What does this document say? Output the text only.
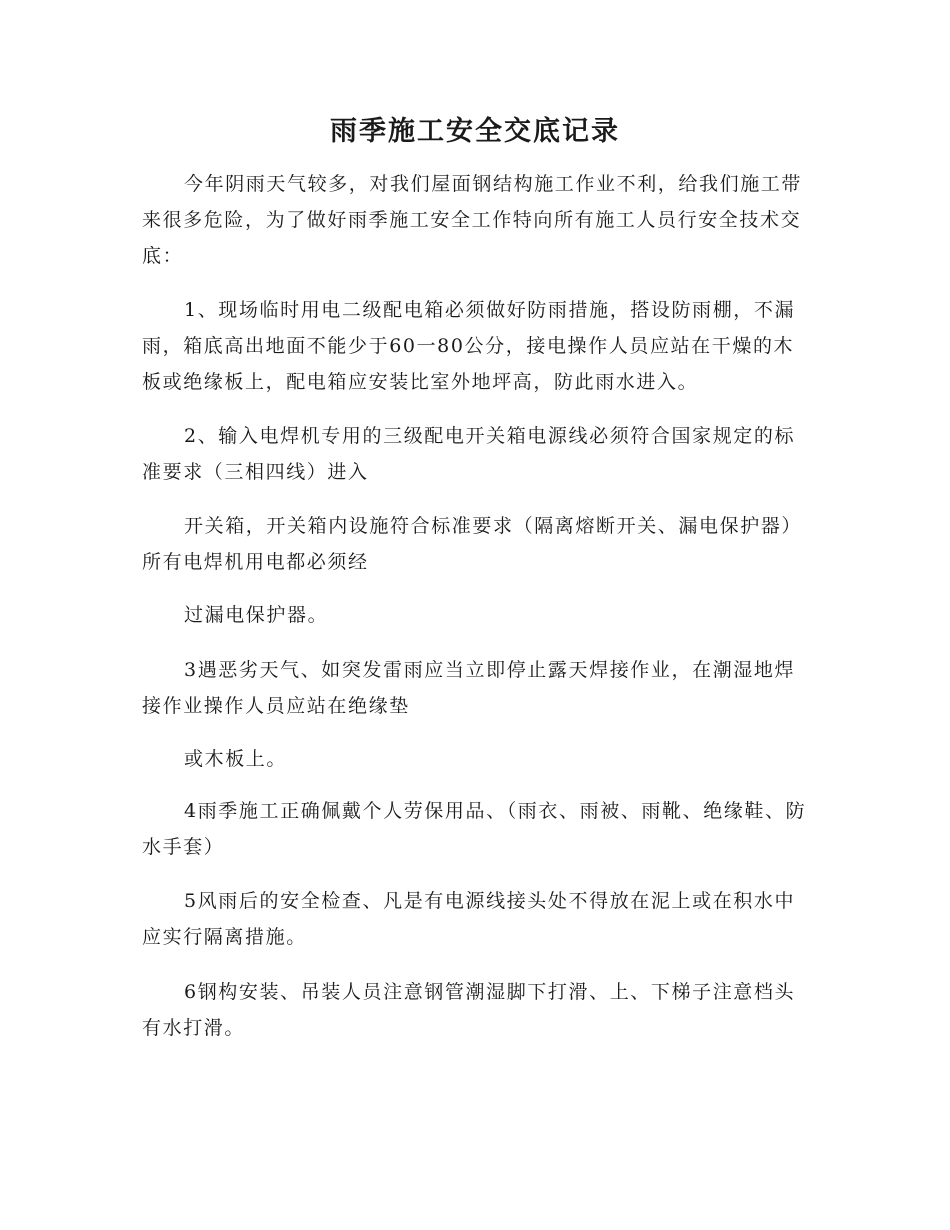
雨季施工安全交底记录

今年阴雨天气较多，对我们屋面钢结构施工作业不利，给我们施工带来很多危险，为了做好雨季施工安全工作特向所有施工人员行安全技术交底：

1、现场临时用电二级配电箱必须做好防雨措施，搭设防雨棚，不漏雨，箱底高出地面不能少于60一80公分，接电操作人员应站在干燥的木板或绝缘板上，配电箱应安装比室外地坪高，防此雨水进入。

2、输入电焊机专用的三级配电开关箱电源线必须符合国家规定的标准要求（三相四线）进入

开关箱，开关箱内设施符合标准要求（隔离熔断开关、漏电保护器）所有电焊机用电都必须经

过漏电保护器。

3遇恶劣天气、如突发雷雨应当立即停止露天焊接作业，在潮湿地焊接作业操作人员应站在绝缘垫

或木板上。

4雨季施工正确佩戴个人劳保用品、（雨衣、雨被、雨靴、绝缘鞋、防水手套）

5风雨后的安全检查、凡是有电源线接头处不得放在泥上或在积水中应实行隔离措施。

6钢构安装、吊装人员注意钢管潮湿脚下打滑、上、下梯子注意档头有水打滑。
